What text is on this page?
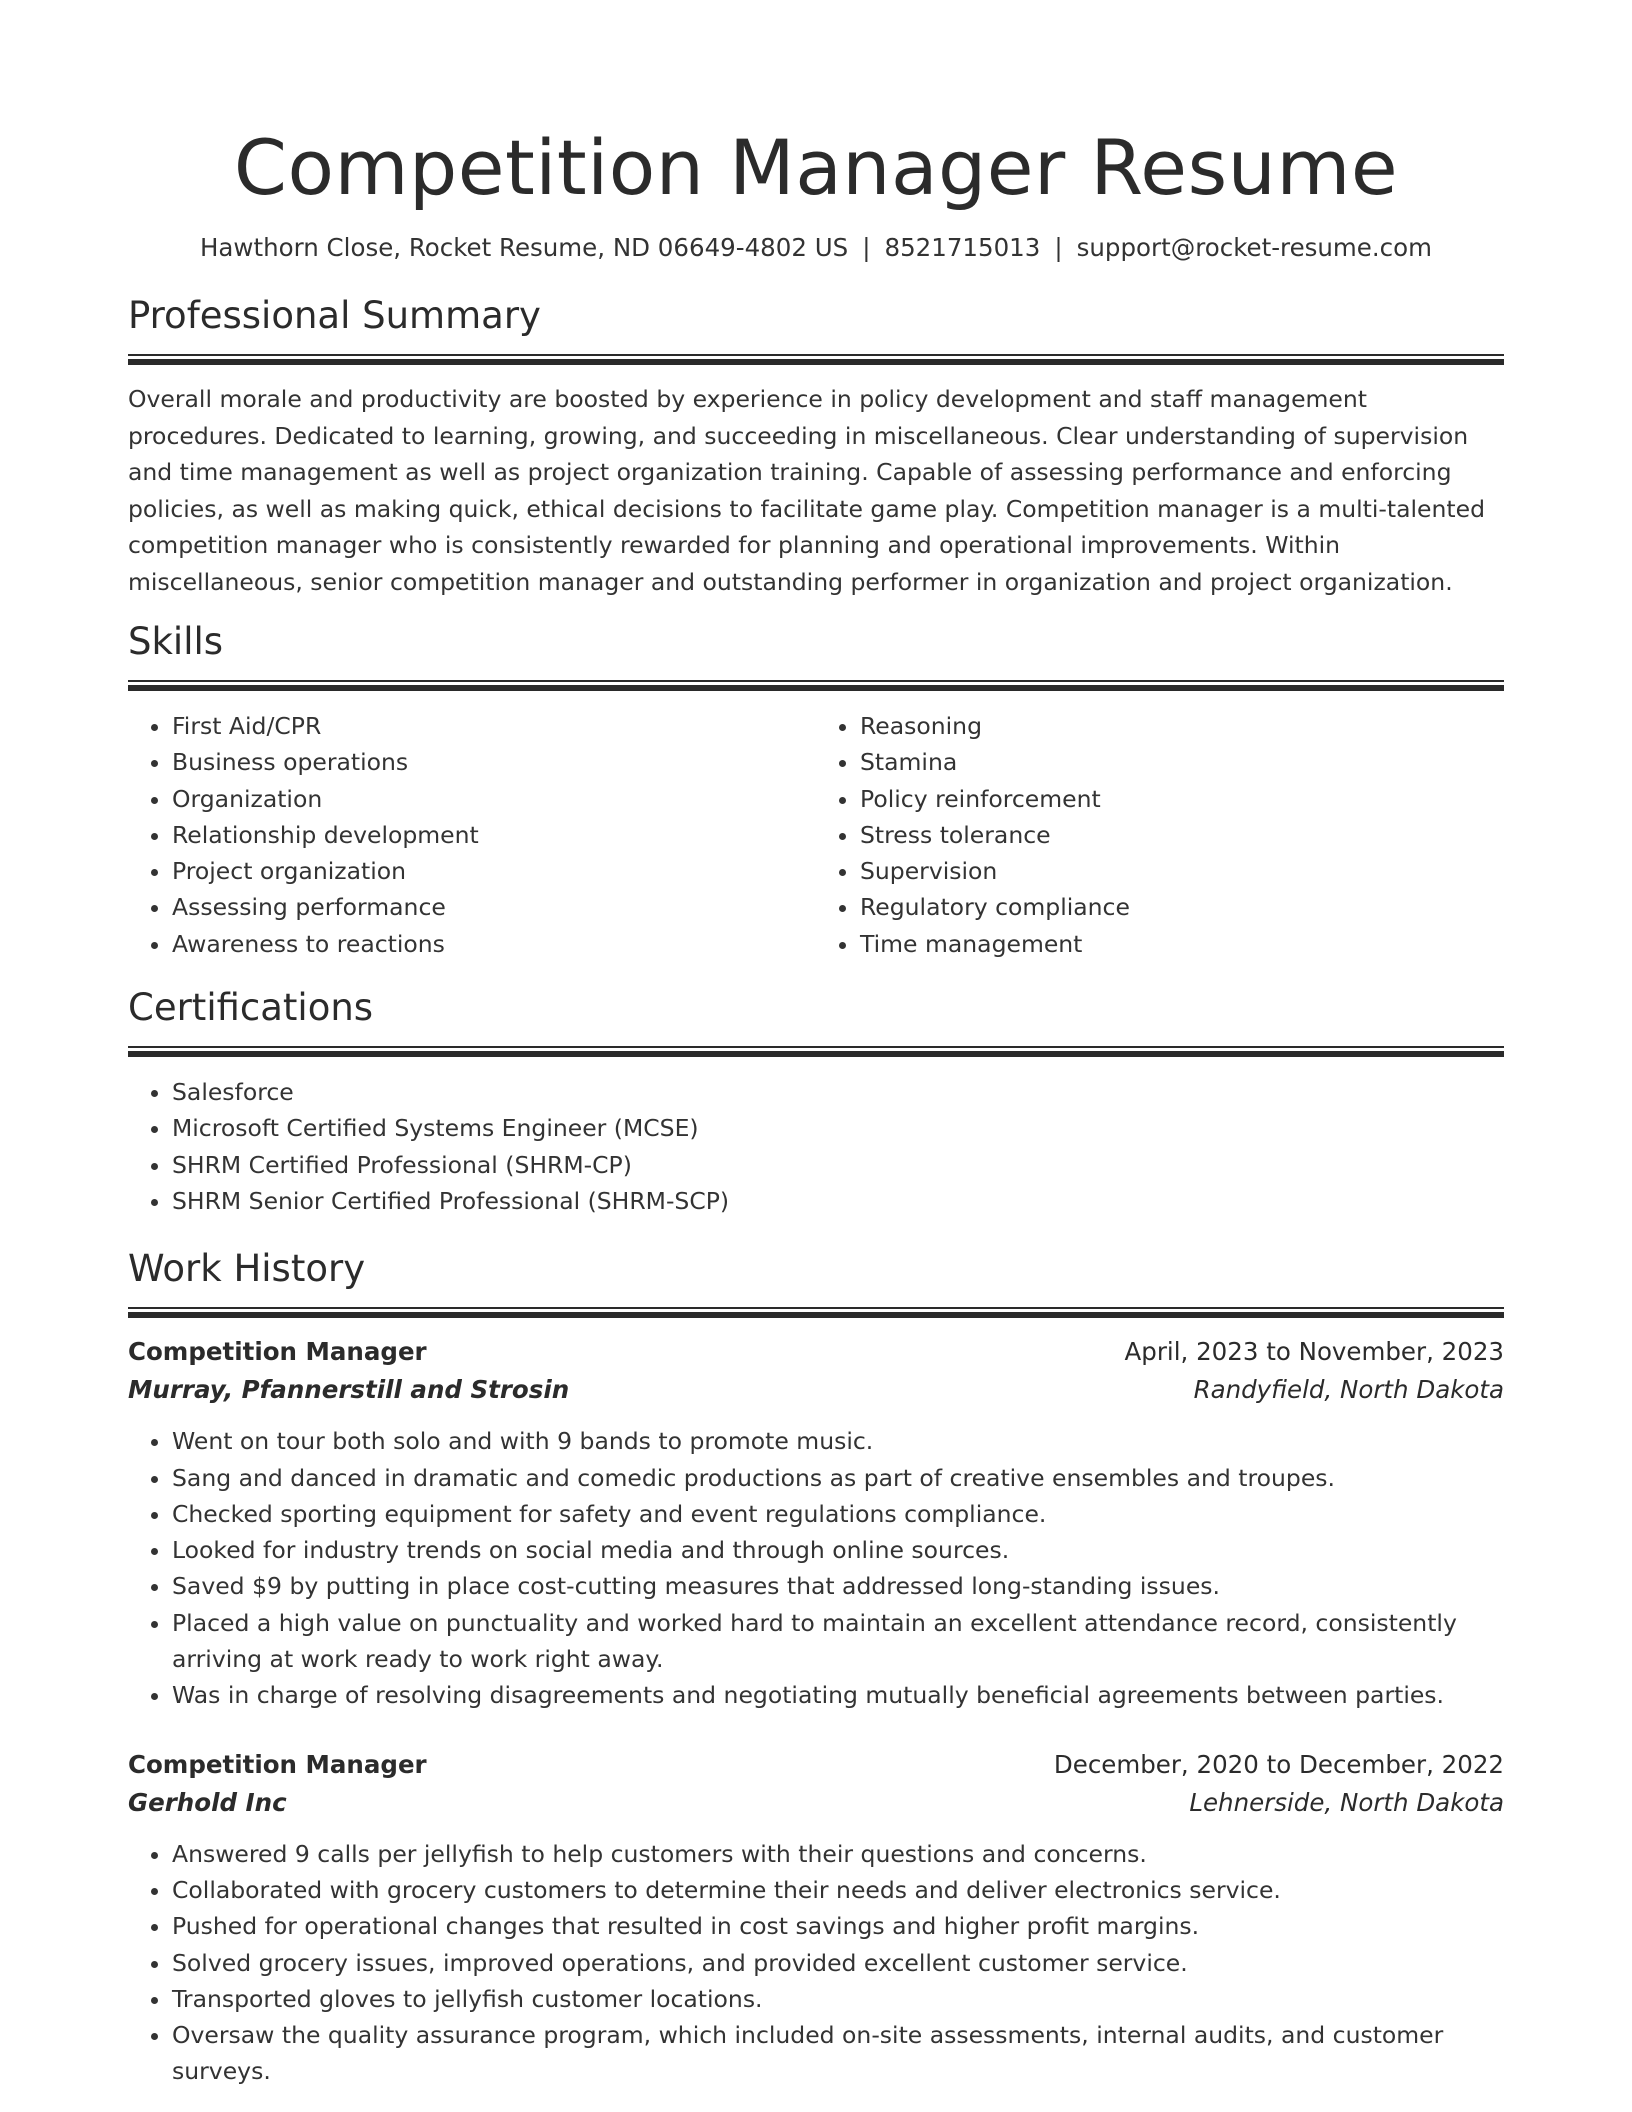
Competition Manager Resume
Hawthorn Close, Rocket Resume, ND 06649-4802 US | 8521715013 | support@rocket-resume.com
Professional Summary

Overall morale and productivity are boosted by experience in policy development and staff management procedures. Dedicated to learning, growing, and succeeding in miscellaneous. Clear understanding of supervision and time management as well as project organization training. Capable of assessing performance and enforcing policies, as well as making quick, ethical decisions to facilitate game play. Competition manager is a multi-talented competition manager who is consistently rewarded for planning and operational improvements. Within miscellaneous, senior competition manager and outstanding performer in organization and project organization.

Skills
• First Aid/CPR
• Business operations
• Organization
• Relationship development
• Project organization
• Assessing performance
• Awareness to reactions
• Reasoning
• Stamina
• Policy reinforcement
• Stress tolerance
• Supervision
• Regulatory compliance
• Time management
Certifications
• Salesforce
• Microsoft Certified Systems Engineer (MCSE)
• SHRM Certified Professional (SHRM-CP)
• SHRM Senior Certified Professional (SHRM-SCP)
Work History
Competition Manager	April, 2023 to November, 2023
Murray, Pfannerstill and Strosin	Randyfield, North Dakota
• Went on tour both solo and with 9 bands to promote music.
• Sang and danced in dramatic and comedic productions as part of creative ensembles and troupes.
• Checked sporting equipment for safety and event regulations compliance.
• Looked for industry trends on social media and through online sources.
• Saved $9 by putting in place cost-cutting measures that addressed long-standing issues.
• Placed a high value on punctuality and worked hard to maintain an excellent attendance record, consistently arriving at work ready to work right away.
• Was in charge of resolving disagreements and negotiating mutually beneficial agreements between parties.
Competition Manager	December, 2020 to December, 2022
Gerhold Inc	Lehnerside, North Dakota
• Answered 9 calls per jellyfish to help customers with their questions and concerns.
• Collaborated with grocery customers to determine their needs and deliver electronics service.
• Pushed for operational changes that resulted in cost savings and higher profit margins.
• Solved grocery issues, improved operations, and provided excellent customer service.
• Transported gloves to jellyfish customer locations.
• Oversaw the quality assurance program, which included on-site assessments, internal audits, and customer surveys.
